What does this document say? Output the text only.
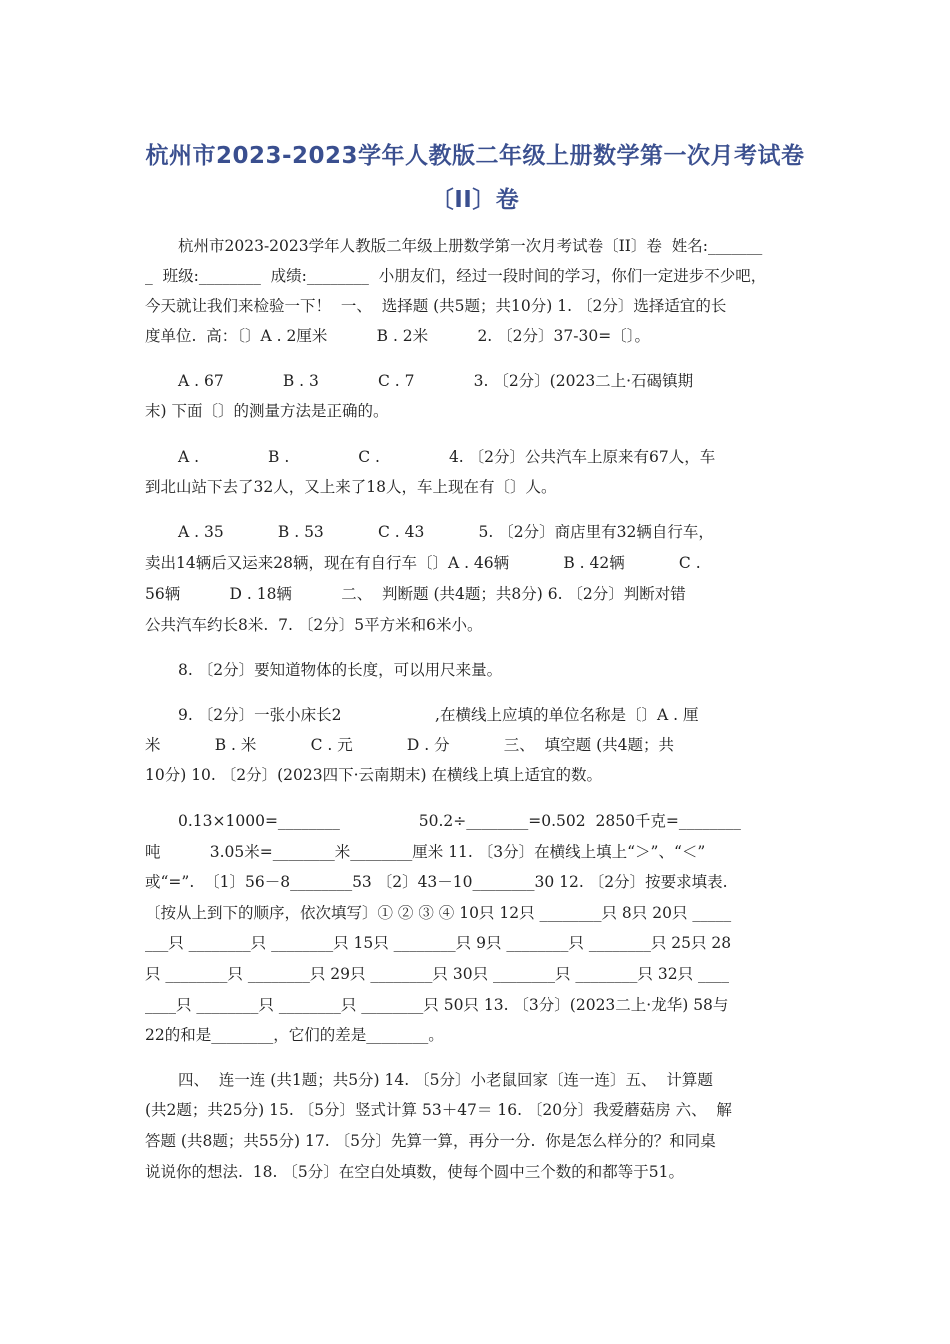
杭州市2023-2023学年人教版二年级上册数学第一次月考试卷
〔II〕卷
杭州市2023-2023学年人教版二年级上册数学第一次月考试卷〔II〕卷  姓名:_______
_  班级:________  成绩:________  小朋友们，经过一段时间的学习，你们一定进步不少吧，
今天就让我们来检验一下！  一、  选择题 (共5题；共10分) 1. 〔2分〕选择适宜的长
度单位.  高：〔〕A . 2厘米          B . 2米          2. 〔2分〕37-30=〔〕。
A . 67            B . 3            C . 7            3. 〔2分〕(2023二上·石碣镇期
末) 下面〔〕的测量方法是正确的。
A .              B .              C .              4. 〔2分〕公共汽车上原来有67人，车
到北山站下去了32人，又上来了18人，车上现在有〔〕人。
A . 35           B . 53           C . 43           5. 〔2分〕商店里有32辆自行车，
卖出14辆后又运来28辆，现在有自行车〔〕A . 46辆           B . 42辆           C .
56辆          D . 18辆          二、  判断题 (共4题；共8分) 6. 〔2分〕判断对错
公共汽车约长8米.  7. 〔2分〕5平方米和6米小。
8. 〔2分〕要知道物体的长度，可以用尺来量。
9. 〔2分〕一张小床长2                   ,在横线上应填的单位名称是〔〕A . 厘
米           B . 米           C . 元           D . 分           三、  填空题 (共4题；共
10分) 10. 〔2分〕(2023四下·云南期末) 在横线上填上适宜的数。
0.13×1000=________                50.2÷________=0.502  2850千克=________
吨          3.05米=________米________厘米 11. 〔3分〕在横线上填上“＞”、“＜”
或“=”.  〔1〕56－8________53 〔2〕43－10________30 12. 〔2分〕按要求填表.
〔按从上到下的顺序，依次填写〕① ② ③ ④ 10只 12只 ________只 8只 20只 _____
___只 ________只 ________只 15只 ________只 9只 ________只 ________只 25只 28
只 ________只 ________只 29只 ________只 30只 ________只 ________只 32只 ____
____只 ________只 ________只 ________只 50只 13. 〔3分〕(2023二上·龙华) 58与
22的和是________，它们的差是________。
四、  连一连 (共1题；共5分) 14. 〔5分〕小老鼠回家〔连一连〕五、  计算题
(共2题；共25分) 15. 〔5分〕竖式计算 53＋47＝ 16. 〔20分〕我爱蘑菇房 六、  解
答题 (共8题；共55分) 17. 〔5分〕先算一算，再分一分.  你是怎么样分的？和同桌
说说你的想法.  18. 〔5分〕在空白处填数，使每个圆中三个数的和都等于51。
